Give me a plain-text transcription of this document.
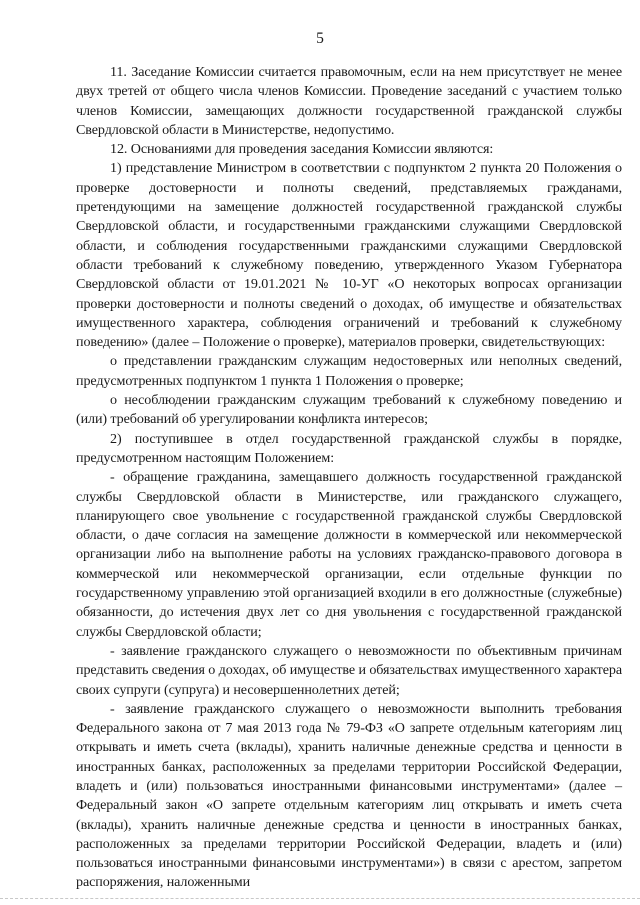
5

11. Заседание Комиссии считается правомочным, если на нем присутствует не менее двух третей от общего числа членов Комиссии. Проведение заседаний с участием только членов Комиссии, замещающих должности государственной гражданской службы Свердловской области в Министерстве, недопустимо.

12. Основаниями для проведения заседания Комиссии являются:

1) представление Министром в соответствии с подпунктом 2 пункта 20 Положения о проверке достоверности и полноты сведений, представляемых гражданами, претендующими на замещение должностей государственной гражданской службы Свердловской области, и государственными гражданскими служащими Свердловской области, и соблюдения государственными гражданскими служащими Свердловской области требований к служебному поведению, утвержденного Указом Губернатора Свердловской области от 19.01.2021 № 10-УГ «О некоторых вопросах организации проверки достоверности и полноты сведений о доходах, об имуществе и обязательствах имущественного характера, соблюдения ограничений и требований к служебному поведению» (далее – Положение о проверке), материалов проверки, свидетельствующих:

о представлении гражданским служащим недостоверных или неполных сведений, предусмотренных подпунктом 1 пункта 1 Положения о проверке;

о несоблюдении гражданским служащим требований к служебному поведению и (или) требований об урегулировании конфликта интересов;

2) поступившее в отдел государственной гражданской службы в порядке, предусмотренном настоящим Положением:

- обращение гражданина, замещавшего должность государственной гражданской службы Свердловской области в Министерстве, или гражданского служащего, планирующего свое увольнение с государственной гражданской службы Свердловской области, о даче согласия на замещение должности в коммерческой или некоммерческой организации либо на выполнение работы на условиях гражданско-правового договора в коммерческой или некоммерческой организации, если отдельные функции по государственному управлению этой организацией входили в его должностные (служебные) обязанности, до истечения двух лет со дня увольнения с государственной гражданской службы Свердловской области;

- заявление гражданского служащего о невозможности по объективным причинам представить сведения о доходах, об имуществе и обязательствах имущественного характера своих супруги (супруга) и несовершеннолетних детей;

- заявление гражданского служащего о невозможности выполнить требования Федерального закона от 7 мая 2013 года № 79-ФЗ «О запрете отдельным категориям лиц открывать и иметь счета (вклады), хранить наличные денежные средства и ценности в иностранных банках, расположенных за пределами территории Российской Федерации, владеть и (или) пользоваться иностранными финансовыми инструментами» (далее – Федеральный закон «О запрете отдельным категориям лиц открывать и иметь счета (вклады), хранить наличные денежные средства и ценности в иностранных банках, расположенных за пределами территории Российской Федерации, владеть и (или) пользоваться иностранными финансовыми инструментами») в связи с арестом, запретом распоряжения, наложенными
